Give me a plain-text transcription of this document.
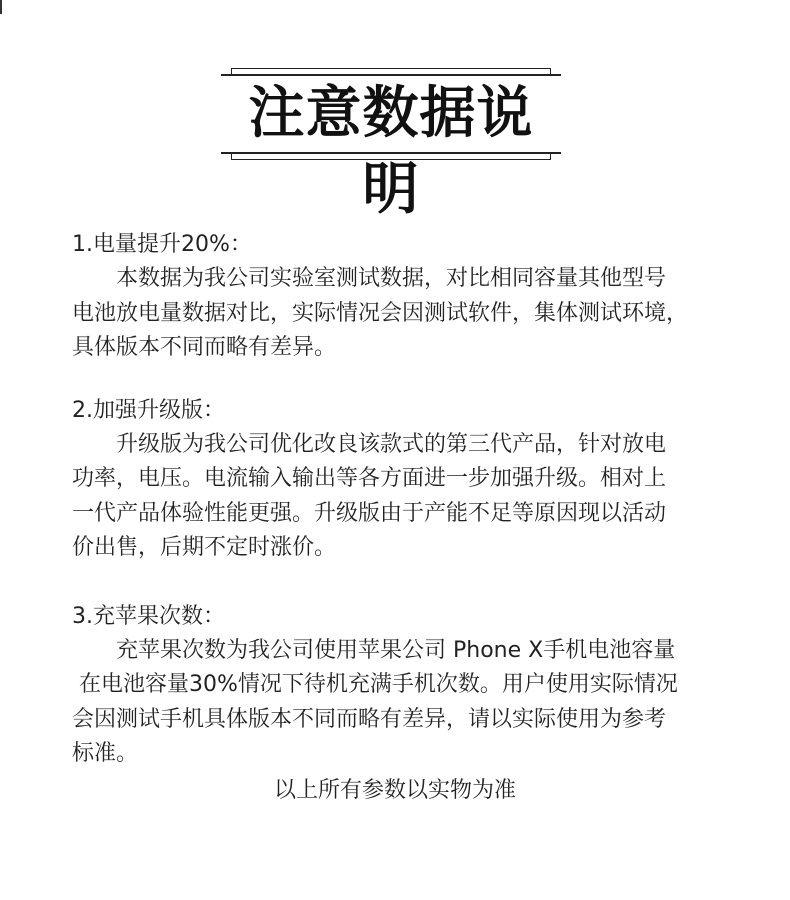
注意数据说明
1.电量提升20%：

本数据为我公司实验室测试数据，对比相同容量其他型号

电池放电量数据对比，实际情况会因测试软件，集体测试环境，

具体版本不同而略有差异。

2.加强升级版：

升级版为我公司优化改良该款式的第三代产品，针对放电

功率，电压。电流输入输出等各方面进一步加强升级。相对上

一代产品体验性能更强。升级版由于产能不足等原因现以活动

价出售，后期不定时涨价。

3.充苹果次数：

充苹果次数为我公司使用苹果公司 Phone X手机电池容量

在电池容量30%情况下待机充满手机次数。用户使用实际情况

会因测试手机具体版本不同而略有差异，请以实际使用为参考

标准。

以上所有参数以实物为准
